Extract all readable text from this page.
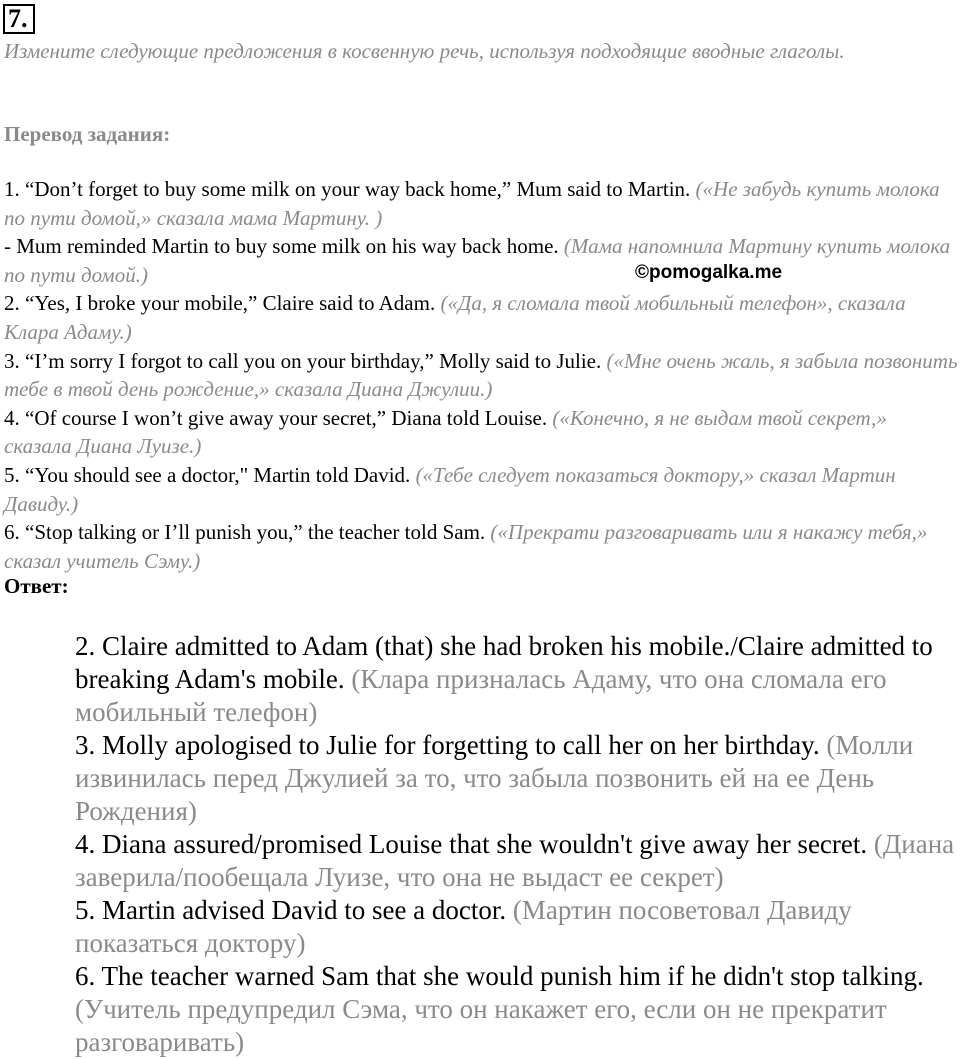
7.
Измените следующие предложения в косвенную речь, используя подходящие вводные глаголы.
Перевод задания:

1. “Don’t forget to buy some milk on your way back home,” Mum said to Martin. («Не забудь купить молока по пути домой,» сказала мама Мартину. )

- Mum reminded Martin to buy some milk on his way back home. (Мама напомнила Мартину купить молока по пути домой.)

2. “Yes, I broke your mobile,” Claire said to Adam. («Да, я сломала твой мобильный телефон», сказала Клара Адаму.)

3. “I’m sorry I forgot to call you on your birthday,” Molly said to Julie. («Мне очень жаль, я забыла позвонить тебе в твой день рождение,» сказала Диана Джулии.)

4. “Of course I won’t give away your secret,” Diana told Louise. («Конечно, я не выдам твой секрет,» сказала Диана Луизе.)

5. “You should see a doctor," Martin told David. («Тебе следует показаться доктору,» сказал Мартин Давиду.)

6. “Stop talking or I’ll punish you,” the teacher told Sam. («Прекрати разговаривать или я накажу тебя,» сказал учитель Сэму.)

©pomogalka.me
Ответ:

2. Claire admitted to Adam (that) she had broken his mobile./Claire admitted to breaking Adam's mobile. (Клара призналась Адаму, что она сломала его мобильный телефон)

3. Molly apologised to Julie for forgetting to call her on her birthday. (Молли извинилась перед Джулией за то, что забыла позвонить ей на ее День Рождения)

4. Diana assured/promised Louise that she wouldn't give away her secret. (Диана заверила/пообещала Луизе, что она не выдаст ее секрет)

5. Martin advised David to see a doctor. (Мартин посоветовал Давиду показаться доктору)

6. The teacher warned Sam that she would punish him if he didn't stop talking. (Учитель предупредил Сэма, что он накажет его, если он не прекратит разговаривать)
